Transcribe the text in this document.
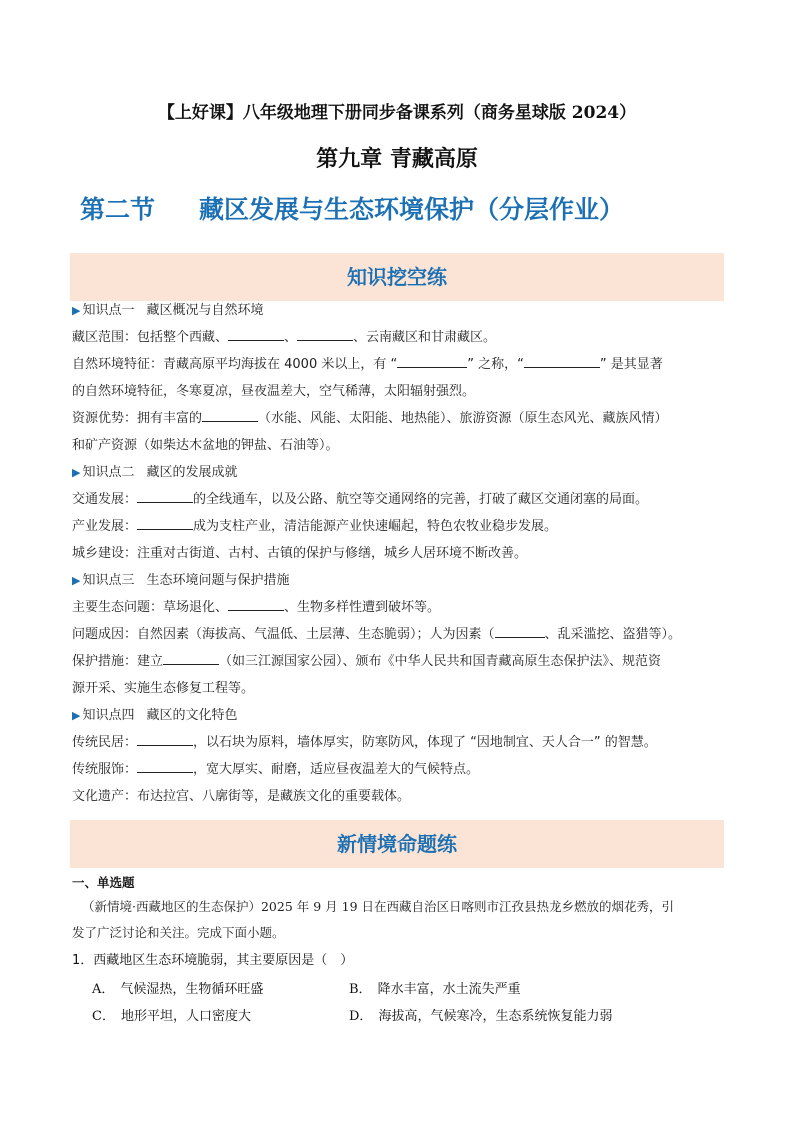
【上好课】八年级地理下册同步备课系列（商务星球版 2024）
第九章 青藏高原
第二节 藏区发展与生态环境保护（分层作业）
知识挖空练
▶ 知识点一 藏区概况与自然环境
藏区范围：包括整个西藏、	、	、云南藏区和甘肃藏区。
自然环境特征：青藏高原平均海拔在 4000 米以上，有 “	” 之称，“	” 是其显著
的自然环境特征，冬寒夏凉，昼夜温差大，空气稀薄，太阳辐射强烈。
资源优势：拥有丰富的	（水能、风能、太阳能、地热能）、旅游资源（原生态风光、藏族风情）
和矿产资源（如柴达木盆地的钾盐、石油等）。
▶ 知识点二 藏区的发展成就
交通发展：	的全线通车，以及公路、航空等交通网络的完善，打破了藏区交通闭塞的局面。
产业发展：	成为支柱产业，清洁能源产业快速崛起，特色农牧业稳步发展。
城乡建设：注重对古街道、古村、古镇的保护与修缮，城乡人居环境不断改善。
▶ 知识点三 生态环境问题与保护措施
主要生态问题：草场退化、	、生物多样性遭到破坏等。
问题成因：自然因素（海拔高、气温低、土层薄、生态脆弱）；人为因素（	、乱采滥挖、盗猎等）。
保护措施：建立	（如三江源国家公园）、颁布《中华人民共和国青藏高原生态保护法》、规范资
源开采、实施生态修复工程等。
▶ 知识点四 藏区的文化特色
传统民居：	，以石块为原料，墙体厚实，防寒防风，体现了 “因地制宜、天人合一” 的智慧。
传统服饰：	，宽大厚实、耐磨，适应昼夜温差大的气候特点。
文化遗产：布达拉宫、八廓街等，是藏族文化的重要载体。
新情境命题练
一、单选题
（新情境·西藏地区的生态保护）2025 年 9 月 19 日在西藏自治区日喀则市江孜县热龙乡燃放的烟花秀，引
发了广泛讨论和关注。完成下面小题。
1．西藏地区生态环境脆弱，其主要原因是（　）
A． 气候湿热，生物循环旺盛	B． 降水丰富，水土流失严重
C． 地形平坦，人口密度大	D． 海拔高，气候寒冷，生态系统恢复能力弱
